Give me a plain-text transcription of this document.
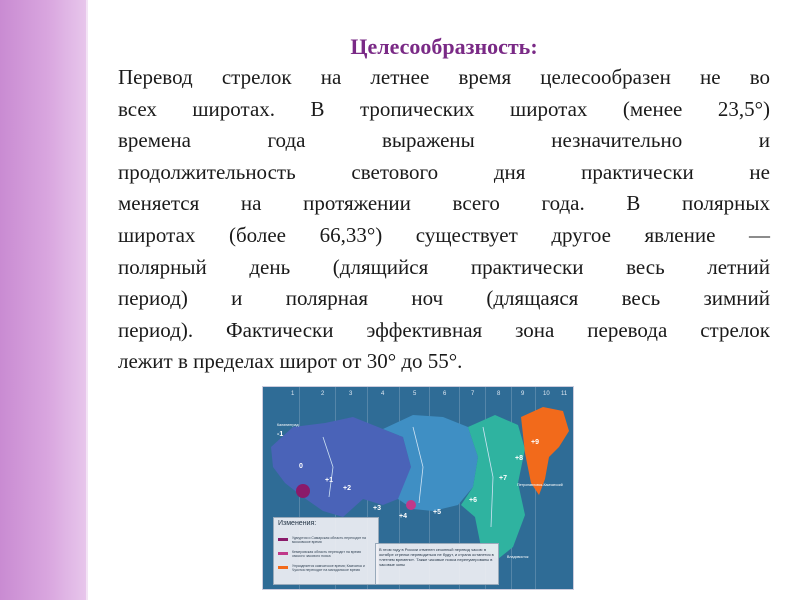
Целесообразность:
Перевод стрелок на летнее время целесообразен не во
всех широтах. В тропических широтах (менее 23,5°)
времена года выражены незначительно и
продолжительность светового дня практически не
меняется на протяжении всего года. В полярных
широтах (более 66,33°) существует другое явление —
полярный день (длящийся практически весь летний
период) и полярная ноч (длящаяся весь зимний
период). Фактически эффективная зона перевода стрелок
лежит в пределах широт от 30° до 55°.
1	2	3	4	5	6	7	8	9	10 11
-1
0
+1
+2
+3
+4
+5
+6
+7
+8
+9
Калининград
Владивосток
Петропавловск-Камчатский
Изменения:
Удмуртия и Самарская область переходят на московское время
Кемеровская область переходит на время омского часового пояса
Упраздняется камчатское время; Камчатка и Чукотка переходят на магаданское время
В этом году в России отменен сезонный перевод часов: в октябре стрелки переводиться не будут, и страна останется в «летнем времени». Также часовые пояса перенумерованы в часовые зоны
